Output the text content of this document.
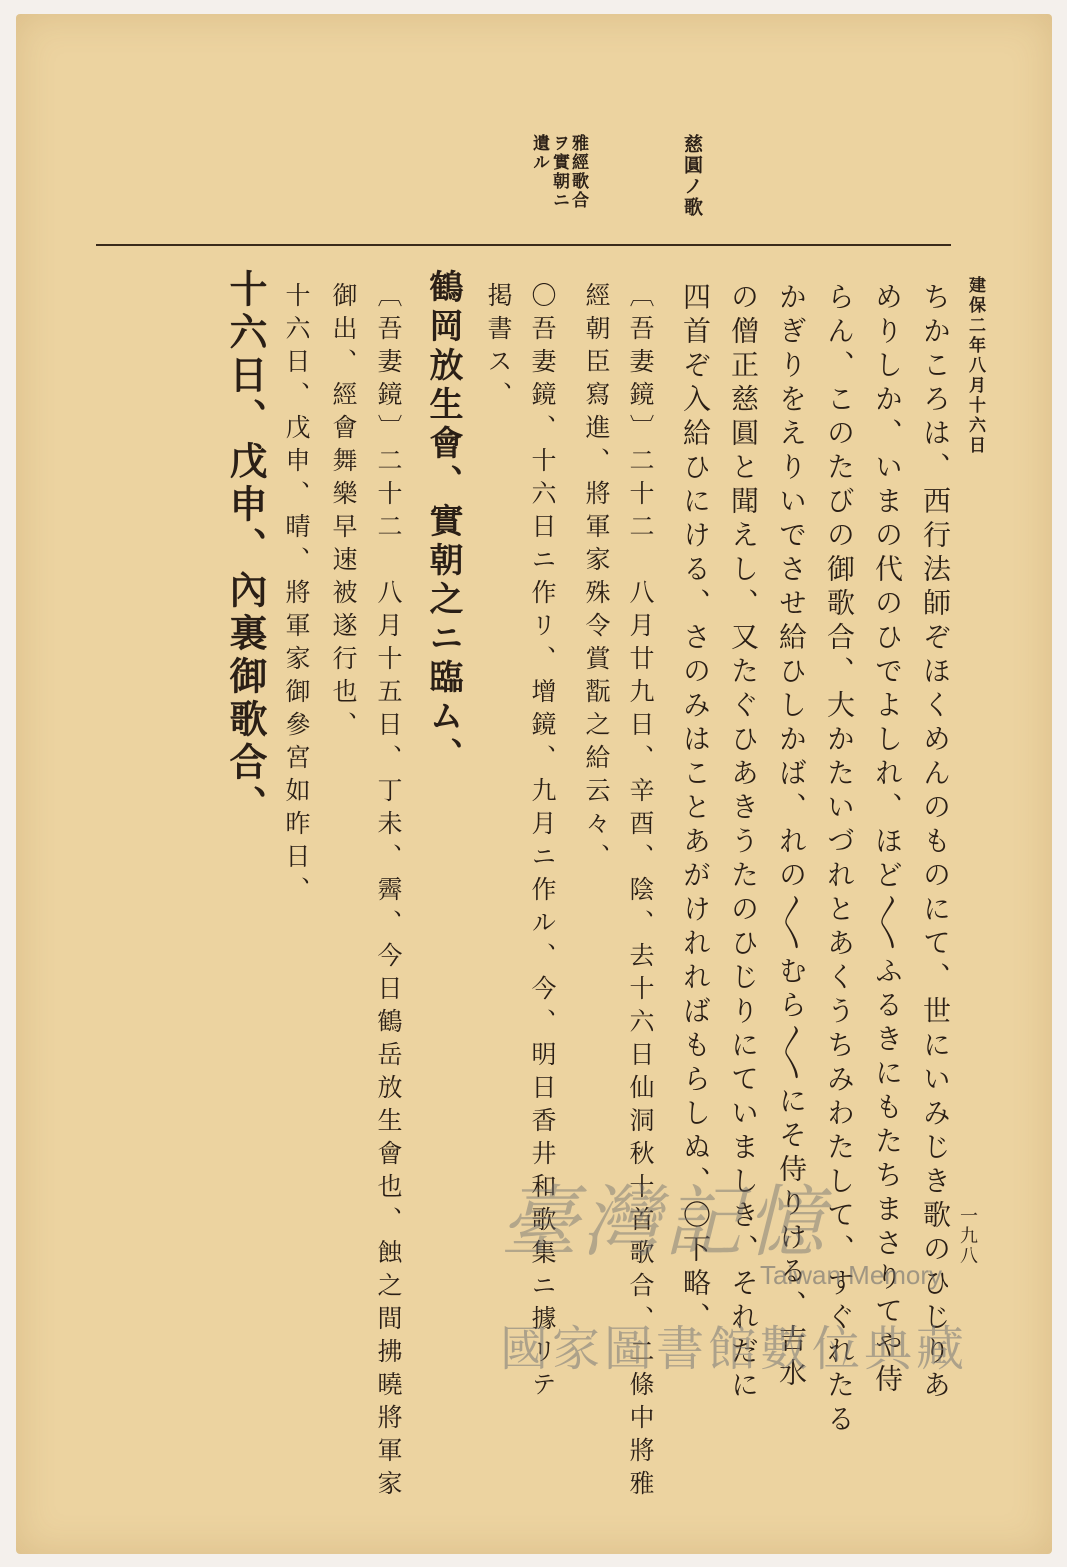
慈圓ノ歌
雅經歌合
ヲ實朝ニ
遺ル
建保二年八月十六日
ちかころは、西行法師ぞほくめんのものにて、世にいみじき歌のひじりあ
めりしか、いまの代のひでよしれ、ほど〳〵ふるきにもたちまさりてや侍
らん、このたびの御歌合、大かたいづれとあくうちみわたして、すぐれたる
かぎりをえりいでさせ給ひしかば、れの〳〵むら〳〵にそ侍りける、吉水
の僧正慈圓と聞えし、又たぐひあきうたのひじりにていましき、それだに
四首ぞ入給ひにける、さのみはことあがけれればもらしぬ、〇下略、
〔吾妻鏡〕二十二　八月廿九日、辛酉、陰、去十六日仙洞秋十首歌合、二條中將雅
經朝臣寫進、將軍家殊令賞翫之給云々、
〇吾妻鏡、十六日ニ作リ、增鏡、九月ニ作ル、今、明日香井和歌集ニ據リテ
掲書ス、
鶴岡放生會、實朝之ニ臨ム、
〔吾妻鏡〕二十二　八月十五日、丁未、霽、今日鶴岳放生會也、蝕之間拂曉將軍家
御出、經會舞樂早速被遂行也、
十六日、戊申、晴、將軍家御參宮如昨日、
十六日、戊申、內裏御歌合、
一九八
臺灣記憶
Taiwan Memory
國家圖書館數位典藏
